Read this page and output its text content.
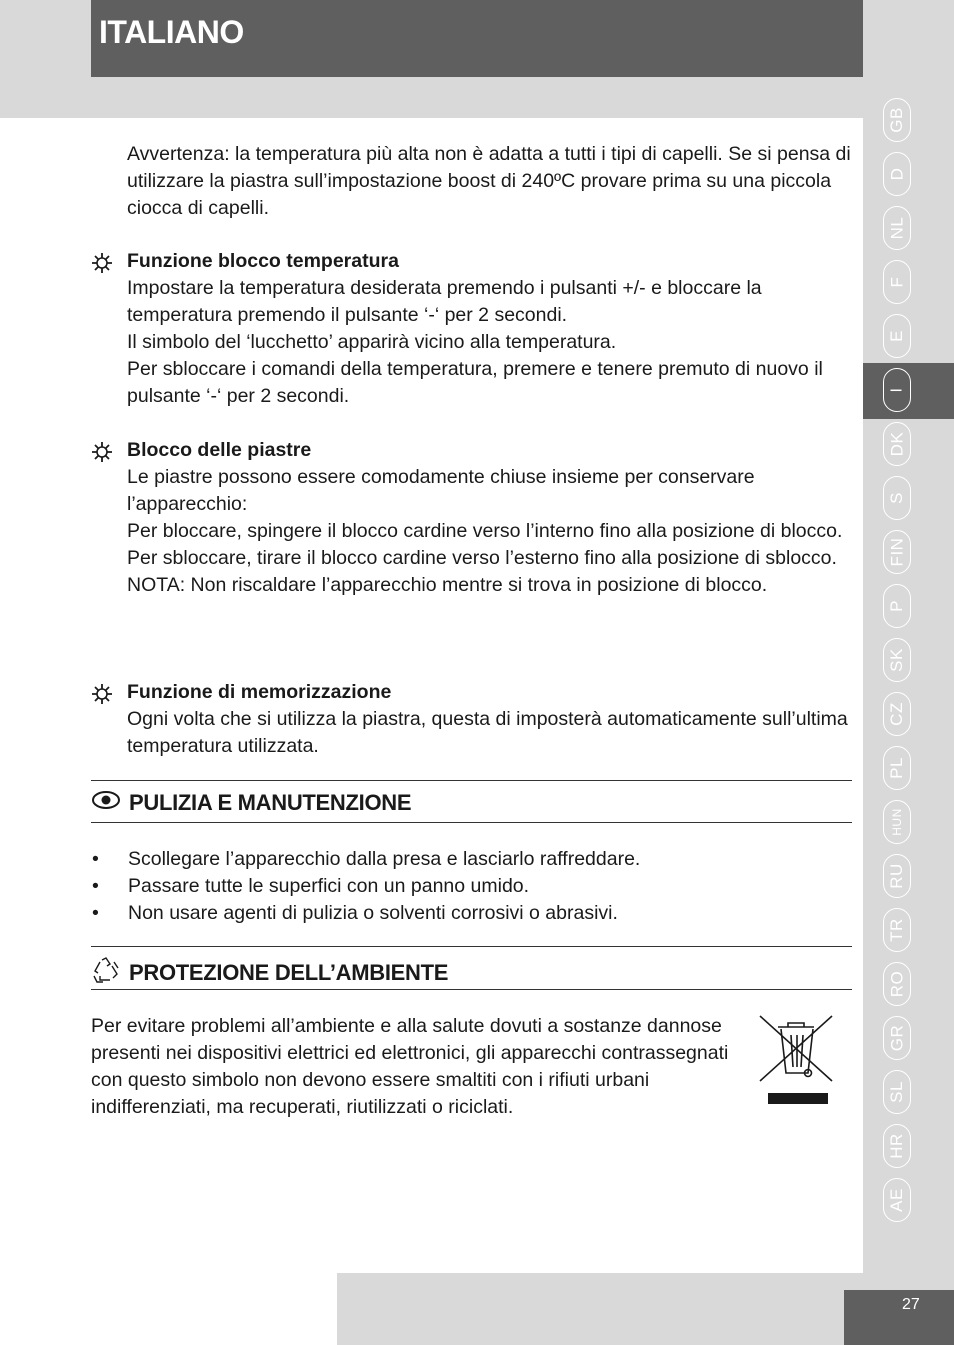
ITALIANO

Avvertenza: la temperatura più alta non è adatta a tutti i tipi di capelli. Se si pensa di utilizzare la piastra sull’impostazione boost di 240ºC provare prima su una piccola ciocca di capelli.

Funzione blocco temperatura

Impostare la temperatura desiderata premendo i pulsanti +/- e bloccare la temperatura premendo il pulsante ‘-‘ per 2 secondi.

Il simbolo del ‘lucchetto’ apparirà vicino alla temperatura.

Per sbloccare i comandi della temperatura, premere e tenere premuto di nuovo il pulsante ‘-‘ per 2 secondi.

Blocco delle piastre

Le piastre possono essere comodamente chiuse insieme per conservare l’apparecchio:

Per bloccare, spingere il blocco cardine verso l’interno fino alla posizione di blocco.

Per sbloccare, tirare il blocco cardine verso l’esterno fino alla posizione di sblocco.

NOTA: Non riscaldare l’apparecchio mentre si trova in posizione di blocco.

Funzione di memorizzazione

Ogni volta che si utilizza la piastra, questa di imposterà automaticamente sull’ultima temperatura utilizzata.

PULIZIA E MANUTENZIONE
•	Scollegare l’apparecchio dalla presa e lasciarlo raffreddare.
•	Passare tutte le superfici con un panno umido.
•	Non usare agenti di pulizia o solventi corrosivi o abrasivi.
PROTEZIONE DELL’AMBIENTE
Per evitare problemi all’ambiente e alla salute dovuti a sostanze dannose presenti nei dispositivi elettrici ed elettronici, gli apparecchi contrassegnati con questo simbolo non devono essere smaltiti con i rifiuti urbani indifferenziati, ma recuperati, riutilizzati o riciclati.
GB
D
NL
F
E
I
DK
S
FIN
P
SK
CZ
PL
HUN
RU
TR
RO
GR
SL
HR
AE
27
